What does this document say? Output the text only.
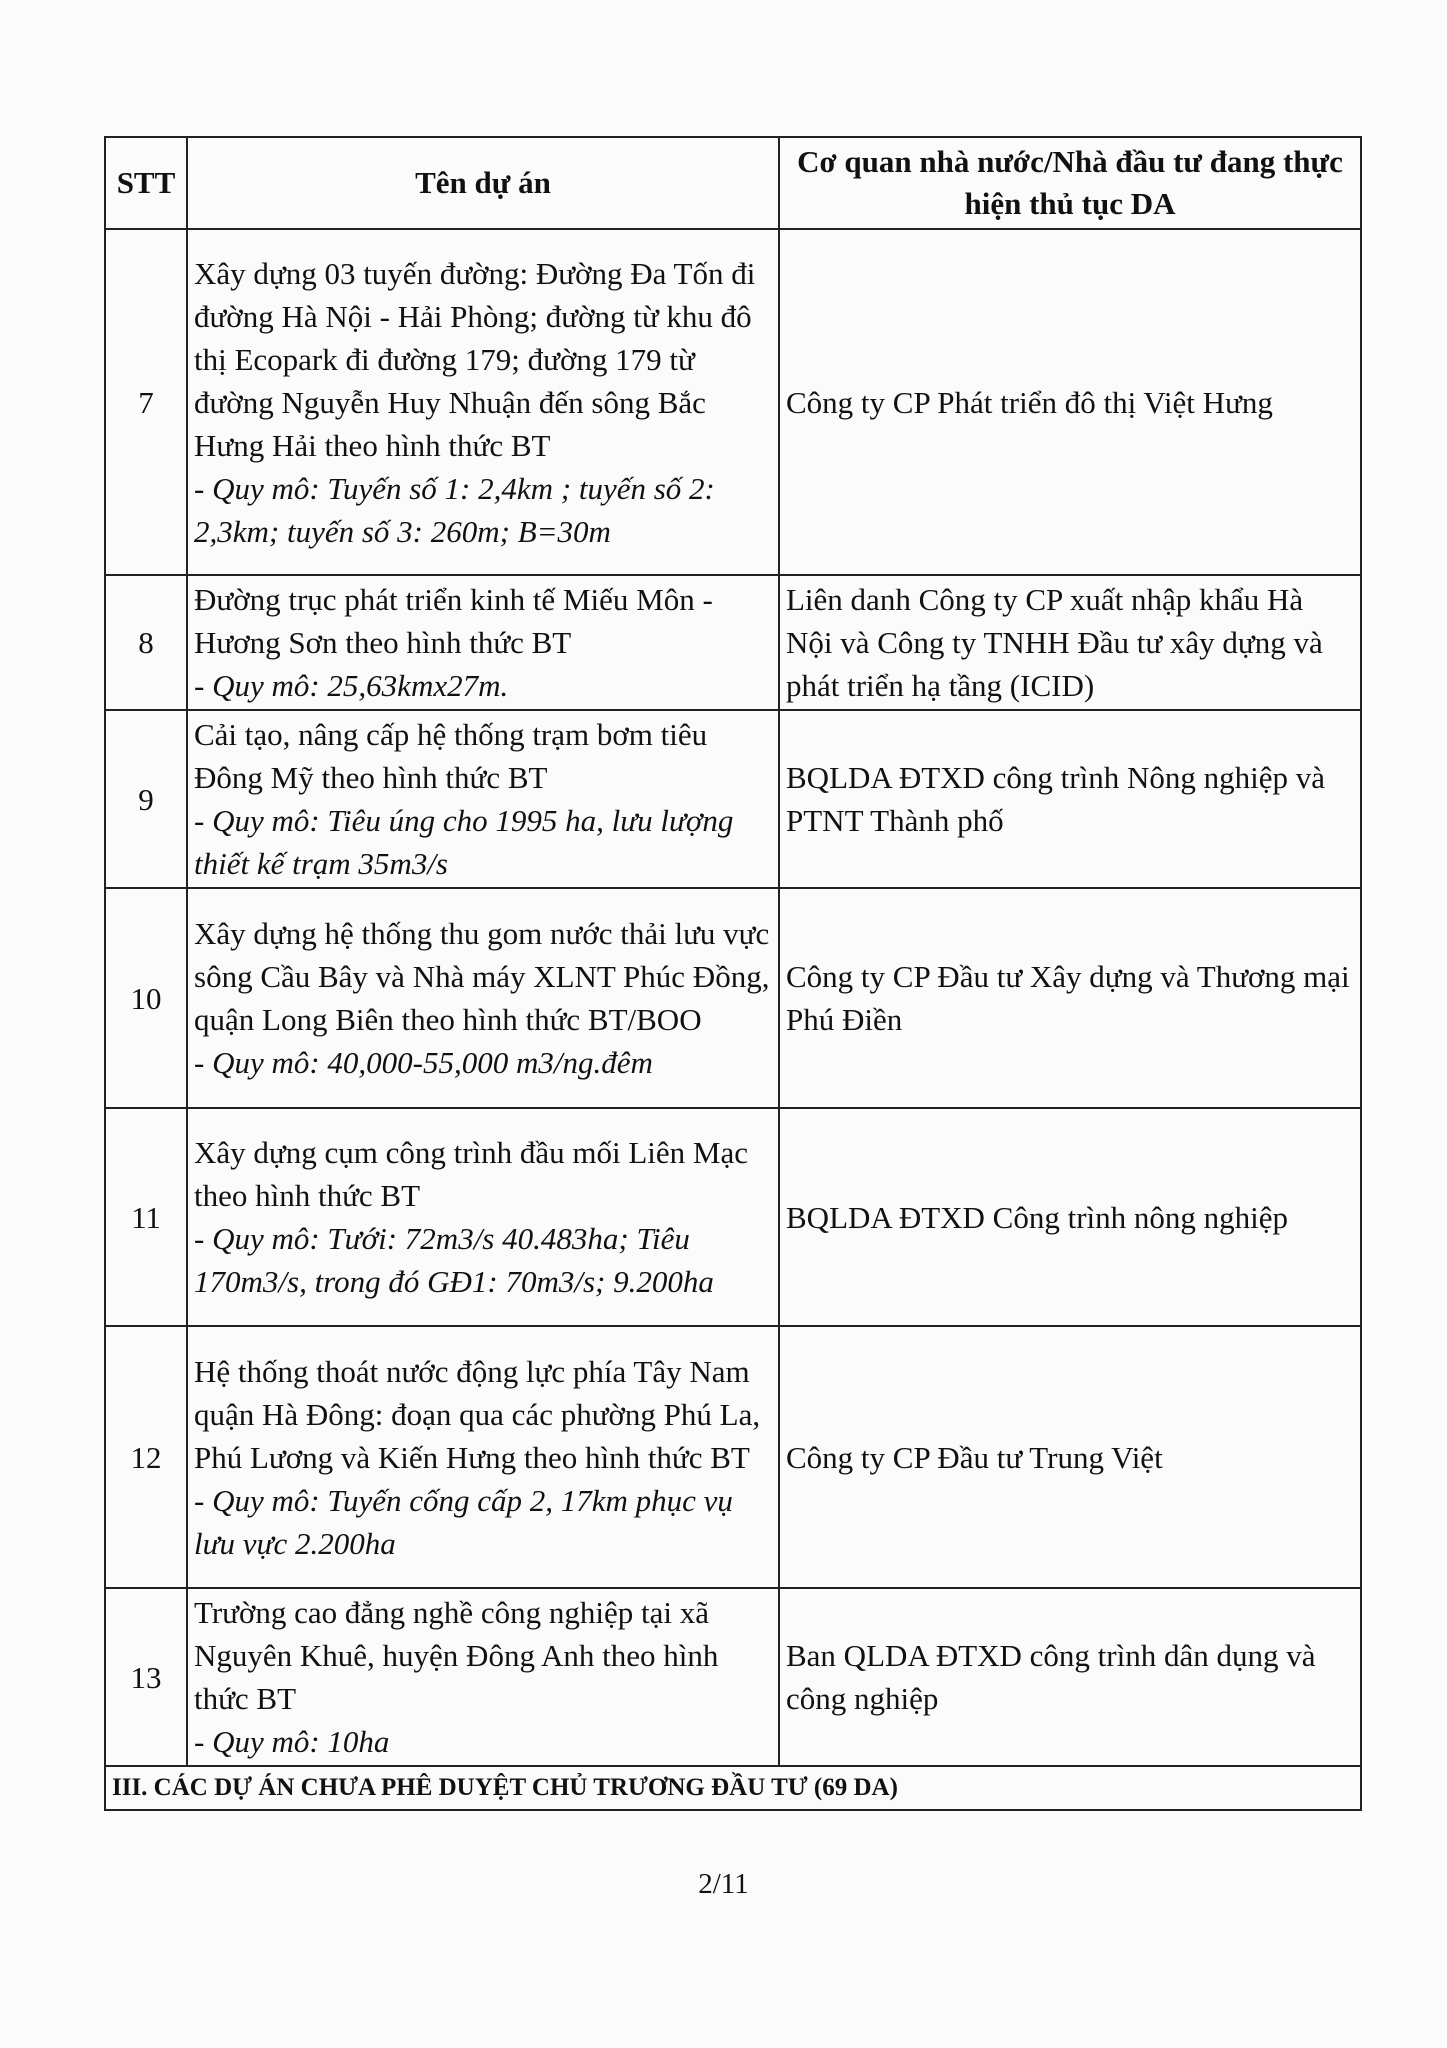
STT	Tên dự án	Cơ quan nhà nước/Nhà đầu tư đang thực hiện thủ tục DA
7	Xây dựng 03 tuyến đường: Đường Đa Tốn đi đường Hà Nội - Hải Phòng; đường từ khu đô thị Ecopark đi đường 179; đường 179 từ đường Nguyễn Huy Nhuận đến sông Bắc Hưng Hải theo hình thức BT
- Quy mô: Tuyến số 1: 2,4km ; tuyến số 2: 2,3km; tuyến số 3: 260m; B=30m	Công ty CP Phát triển đô thị Việt Hưng
8	Đường trục phát triển kinh tế Miếu Môn - Hương Sơn theo hình thức BT
- Quy mô: 25,63kmx27m.	Liên danh Công ty CP xuất nhập khẩu Hà Nội và Công ty TNHH Đầu tư xây dựng và phát triển hạ tầng (ICID)
9	Cải tạo, nâng cấp hệ thống trạm bơm tiêu Đông Mỹ theo hình thức BT
- Quy mô: Tiêu úng cho 1995 ha, lưu lượng thiết kế trạm 35m3/s	BQLDA ĐTXD công trình Nông nghiệp và PTNT Thành phố
10	Xây dựng hệ thống thu gom nước thải lưu vực sông Cầu Bây và Nhà máy XLNT Phúc Đồng, quận Long Biên theo hình thức BT/BOO
- Quy mô: 40,000-55,000 m3/ng.đêm	Công ty CP Đầu tư Xây dựng và Thương mại Phú Điền
11	Xây dựng cụm công trình đầu mối Liên Mạc theo hình thức BT
- Quy mô: Tưới: 72m3/s 40.483ha; Tiêu 170m3/s, trong đó GĐ1: 70m3/s; 9.200ha	BQLDA ĐTXD Công trình nông nghiệp
12	Hệ thống thoát nước động lực phía Tây Nam quận Hà Đông: đoạn qua các phường Phú La, Phú Lương và Kiến Hưng theo hình thức BT
- Quy mô: Tuyến cống cấp 2, 17km phục vụ lưu vực 2.200ha	Công ty CP Đầu tư Trung Việt
13	Trường cao đẳng nghề công nghiệp tại xã Nguyên Khuê, huyện Đông Anh theo hình thức BT
- Quy mô: 10ha	Ban QLDA ĐTXD công trình dân dụng và công nghiệp
III. CÁC DỰ ÁN CHƯA PHÊ DUYỆT CHỦ TRƯƠNG ĐẦU TƯ (69 DA)		
2/11
